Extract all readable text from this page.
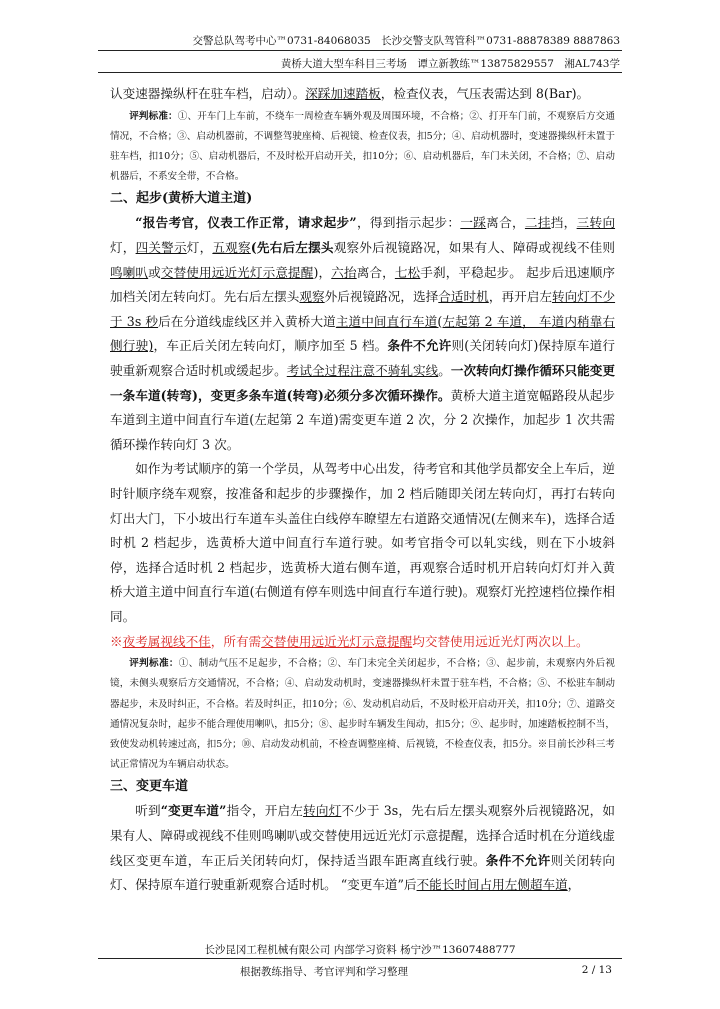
交警总队驾考中心™0731-84068035　长沙交警支队驾管科™0731-88878389 8887863
黄桥大道大型车科目三考场　谭立新教练™13875829557　湘AL743学

认变速器操纵杆在驻车档，启动）。深踩加速踏板，检查仪表，气压表需达到 8(Bar)。

评判标准：①、开车门上车前，不绕车一周检查车辆外观及周围环境，不合格；②、打开车门前，不观察后方交通情况，不合格；③、启动机器前，不调整驾驶座椅、后视镜、检查仪表，扣5分；④、启动机器时，变速器操纵杆未置于驻车档，扣10分；⑤、启动机器后，不及时松开启动开关，扣10分；⑥、启动机器后，车门未关闭，不合格；⑦、启动机器后，不系安全带，不合格。

二、起步(黄桥大道主道)

“报告考官，仪表工作正常，请求起步”，得到指示起步：一踩离合，二挂挡，三转向灯，四关警示灯，五观察(先右后左摆头观察外后视镜路况，如果有人、障碍或视线不佳则鸣喇叭或交替使用远近光灯示意提醒)，六抬离合，七松手刹，平稳起步。 起步后迅速顺序加档关闭左转向灯。先右后左摆头观察外后视镜路况，选择合适时机，再开启左转向灯不少于 3s 秒后在分道线虚线区并入黄桥大道主道中间直行车道(左起第 2 车道， 车道内稍靠右侧行驶)，车正后关闭左转向灯，顺序加至 5 档。条件不允许则(关闭转向灯)保持原车道行驶重新观察合适时机或缓起步。考试全过程注意不骑轧实线。一次转向灯操作循环只能变更一条车道(转弯)，变更多条车道(转弯)必须分多次循环操作。黄桥大道主道宽幅路段从起步车道到主道中间直行车道(左起第 2 车道)需变更车道 2 次，分 2 次操作，加起步 1 次共需循环操作转向灯 3 次。

如作为考试顺序的第一个学员，从驾考中心出发，待考官和其他学员都安全上车后，逆时针顺序绕车观察，按准备和起步的步骤操作，加 2 档后随即关闭左转向灯，再打右转向灯出大门，下小坡出行车道车头盖住白线停车瞭望左右道路交通情况(左侧来车)，选择合适时机 2 档起步，选黄桥大道中间直行车道行驶。如考官指令可以轧实线，则在下小坡斜停，选择合适时机 2 档起步，选黄桥大道右侧车道，再观察合适时机开启转向灯灯并入黄桥大道主道中间直行车道(右侧道有停车则选中间直行车道行驶)。观察灯光控速档位操作相同。

※夜考属视线不佳，所有需交替使用远近光灯示意提醒均交替使用远近光灯两次以上。

评判标准：①、制动气压不足起步，不合格；②、车门未完全关闭起步，不合格；③、起步前，未观察内外后视镜，未侧头观察后方交通情况，不合格；④、启动发动机时，变速器操纵杆未置于驻车档，不合格；⑤、不松驻车制动器起步，未及时纠正，不合格。若及时纠正，扣10分；⑥、发动机启动后，不及时松开启动开关，扣10分；⑦、道路交通情况复杂时，起步不能合理使用喇叭，扣5分；⑧、起步时车辆发生闯动，扣5分；⑨、起步时，加速踏板控制不当，致使发动机转速过高，扣5分；⑩、启动发动机前，不检查调整座椅、后视镜，不检查仪表，扣5分。※目前长沙科三考试正常情况为车辆启动状态。

三、变更车道

听到“变更车道”指令，开启左转向灯不少于 3s，先右后左摆头观察外后视镜路况，如果有人、障碍或视线不佳则鸣喇叭或交替使用远近光灯示意提醒，选择合适时机在分道线虚线区变更车道，车正后关闭转向灯，保持适当跟车距离直线行驶。条件不允许则关闭转向灯、保持原车道行驶重新观察合适时机。 “变更车道”后不能长时间占用左侧超车道，

长沙昆冈工程机械有限公司 内部学习资料 杨宁沙™13607488777
根据教练指导、考官评判和学习整理	2 / 13
